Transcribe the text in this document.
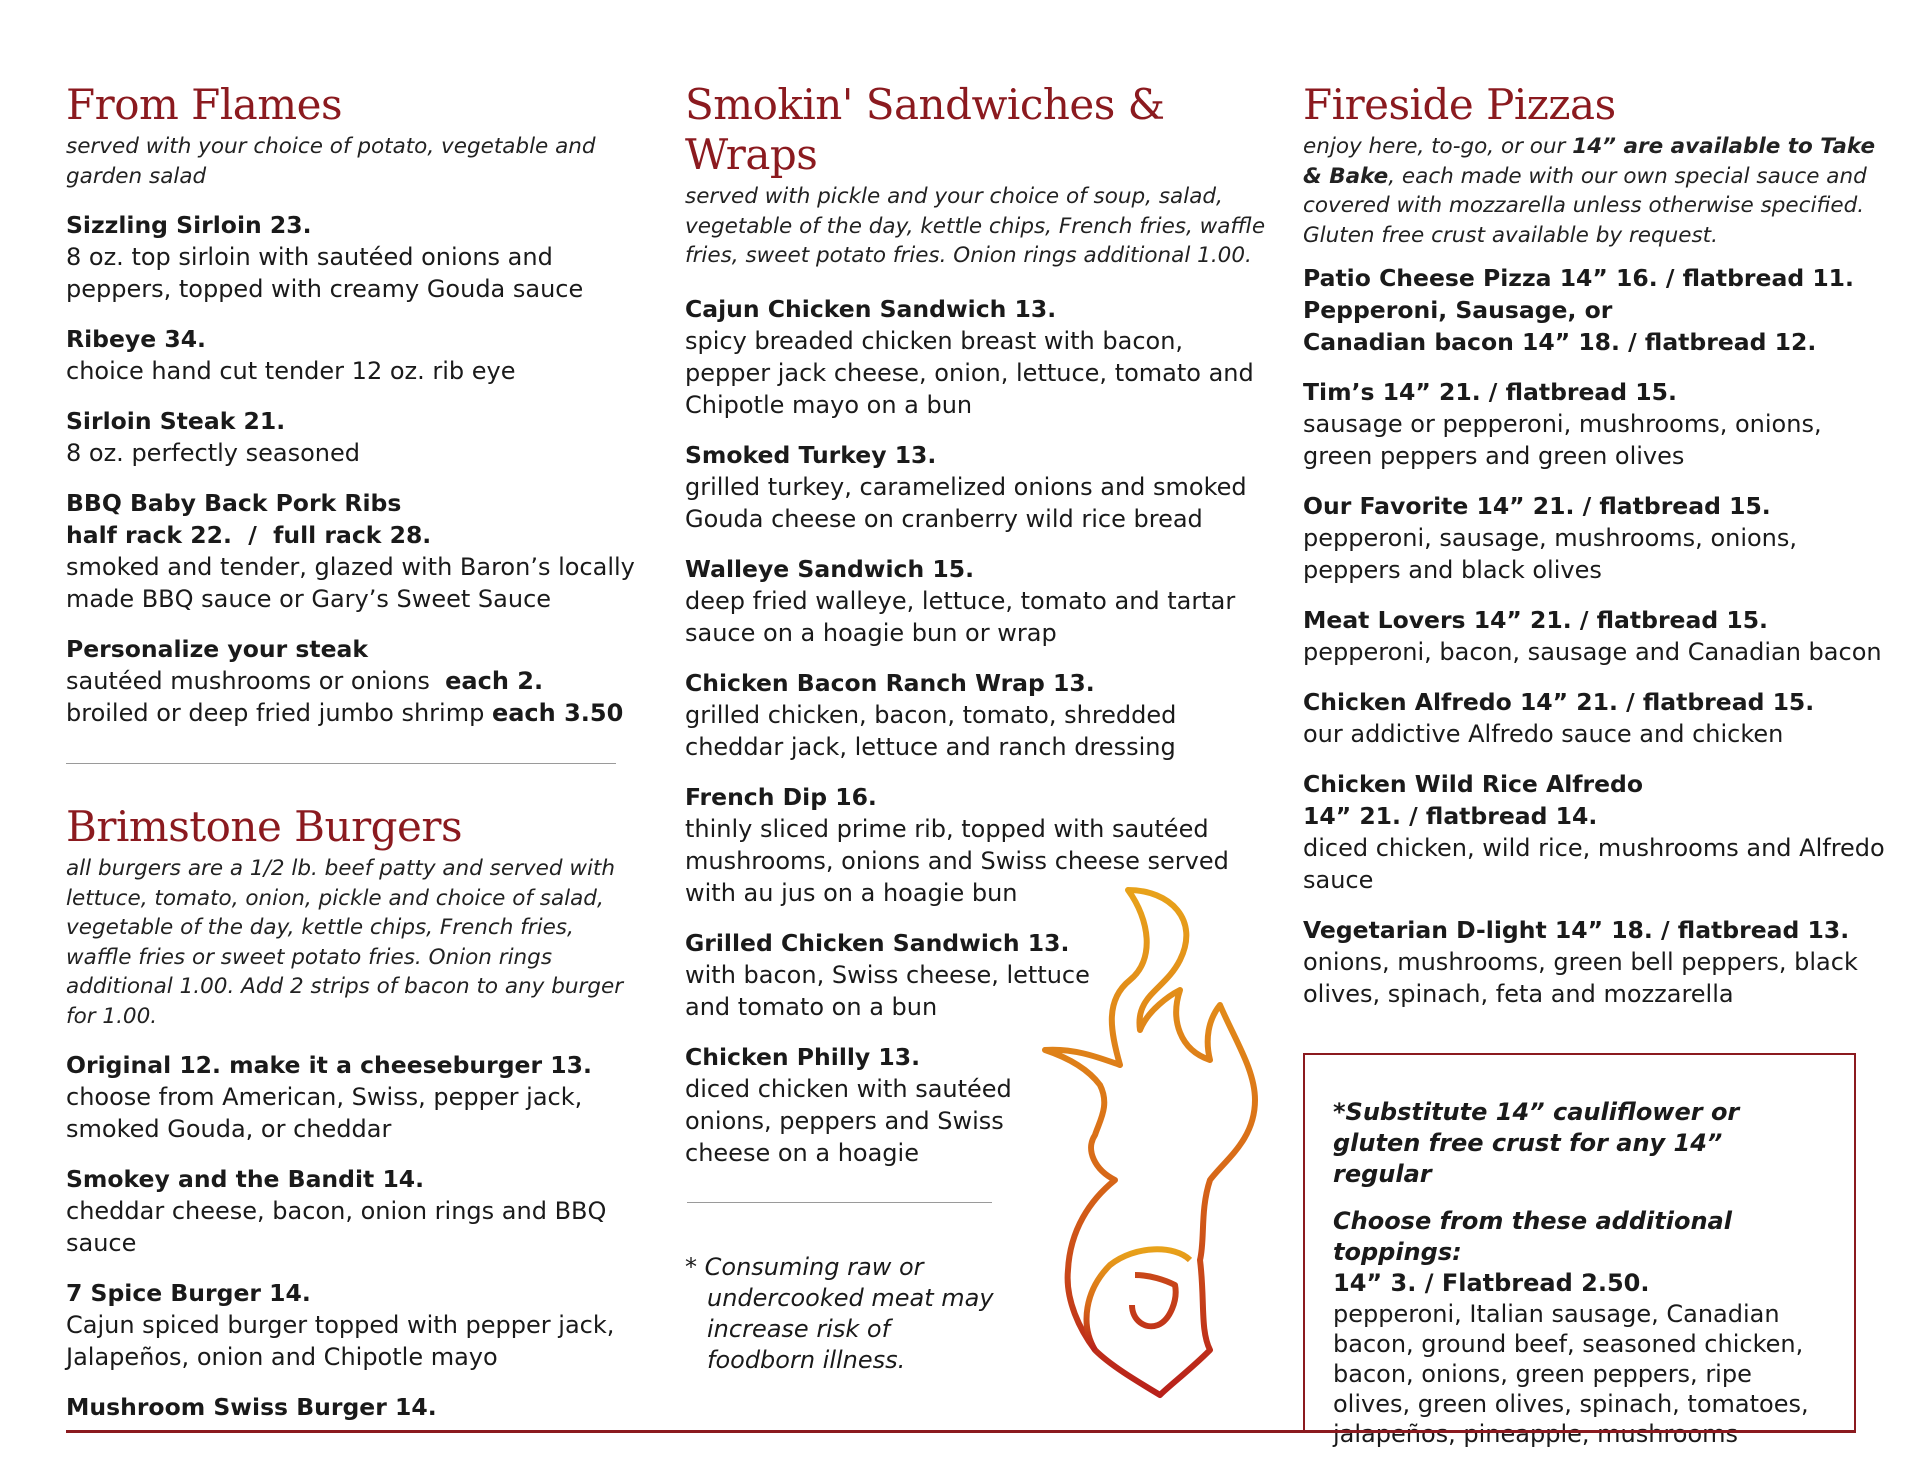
From Flames

served with your choice of potato, vegetable and garden salad

Sizzling Sirloin 23.
8 oz. top sirloin with sautéed onions and peppers, topped with creamy Gouda sauce
Ribeye 34.
choice hand cut tender 12 oz. rib eye
Sirloin Steak 21.
8 oz. perfectly seasoned
BBQ Baby Back Pork Ribs
half rack 22.  /  full rack 28.
smoked and tender, glazed with Baron’s locally made BBQ sauce or Gary’s Sweet Sauce
Personalize your steak
sautéed mushrooms or onions each 2.
broiled or deep fried jumbo shrimp each 3.50
Brimstone Burgers

all burgers are a 1/2 lb. beef patty and served with lettuce, tomato, onion, pickle and choice of salad, vegetable of the day, kettle chips, French fries, waffle fries or sweet potato fries. Onion rings additional 1.00. Add 2 strips of bacon to any burger for 1.00.

Original 12. make it a cheeseburger 13.
choose from American, Swiss, pepper jack, smoked Gouda, or cheddar
Smokey and the Bandit 14.
cheddar cheese, bacon, onion rings and BBQ sauce
7 Spice Burger 14.
Cajun spiced burger topped with pepper jack, Jalapeños, onion and Chipotle mayo
Mushroom Swiss Burger 14.
Smokin' Sandwiches & Wraps

served with pickle and your choice of soup, salad, vegetable of the day, kettle chips, French fries, waffle fries, sweet potato fries. Onion rings additional 1.00.

Cajun Chicken Sandwich 13.
spicy breaded chicken breast with bacon, pepper jack cheese, onion, lettuce, tomato and Chipotle mayo on a bun
Smoked Turkey 13.
grilled turkey, caramelized onions and smoked Gouda cheese on cranberry wild rice bread
Walleye Sandwich 15.
deep fried walleye, lettuce, tomato and tartar sauce on a hoagie bun or wrap
Chicken Bacon Ranch Wrap 13.
grilled chicken, bacon, tomato, shredded cheddar jack, lettuce and ranch dressing
French Dip 16.
thinly sliced prime rib, topped with sautéed mushrooms, onions and Swiss cheese served with au jus on a hoagie bun
Grilled Chicken Sandwich 13.
with bacon, Swiss cheese, lettuce and tomato on a bun
Chicken Philly 13.
diced chicken with sautéed onions, peppers and Swiss cheese on a hoagie

* Consuming raw or undercooked meat may increase risk of foodborn illness.

Fireside Pizzas

enjoy here, to-go, or our 14” are available to Take & Bake, each made with our own special sauce and covered with mozzarella unless otherwise specified. Gluten free crust available by request.

Patio Cheese Pizza 14” 16. / flatbread 11.
Pepperoni, Sausage, or
Canadian bacon 14” 18. / flatbread 12.
Tim’s 14” 21. / flatbread 15.
sausage or pepperoni, mushrooms, onions, green peppers and green olives
Our Favorite 14” 21. / flatbread 15.
pepperoni, sausage, mushrooms, onions, peppers and black olives
Meat Lovers 14” 21. / flatbread 15.
pepperoni, bacon, sausage and Canadian bacon
Chicken Alfredo 14” 21. / flatbread 15.
our addictive Alfredo sauce and chicken
Chicken Wild Rice Alfredo
14” 21. / flatbread 14.
diced chicken, wild rice, mushrooms and Alfredo sauce
Vegetarian D-light 14” 18. / flatbread 13.
onions, mushrooms, green bell peppers, black olives, spinach, feta and mozzarella

*Substitute 14” cauliflower or gluten free crust for any 14” regular

Choose from these additional toppings:

14” 3. / Flatbread 2.50.

pepperoni, Italian sausage, Canadian bacon, ground beef, seasoned chicken, bacon, onions, green peppers, ripe olives, green olives, spinach, tomatoes, jalapeños, pineapple, mushrooms
